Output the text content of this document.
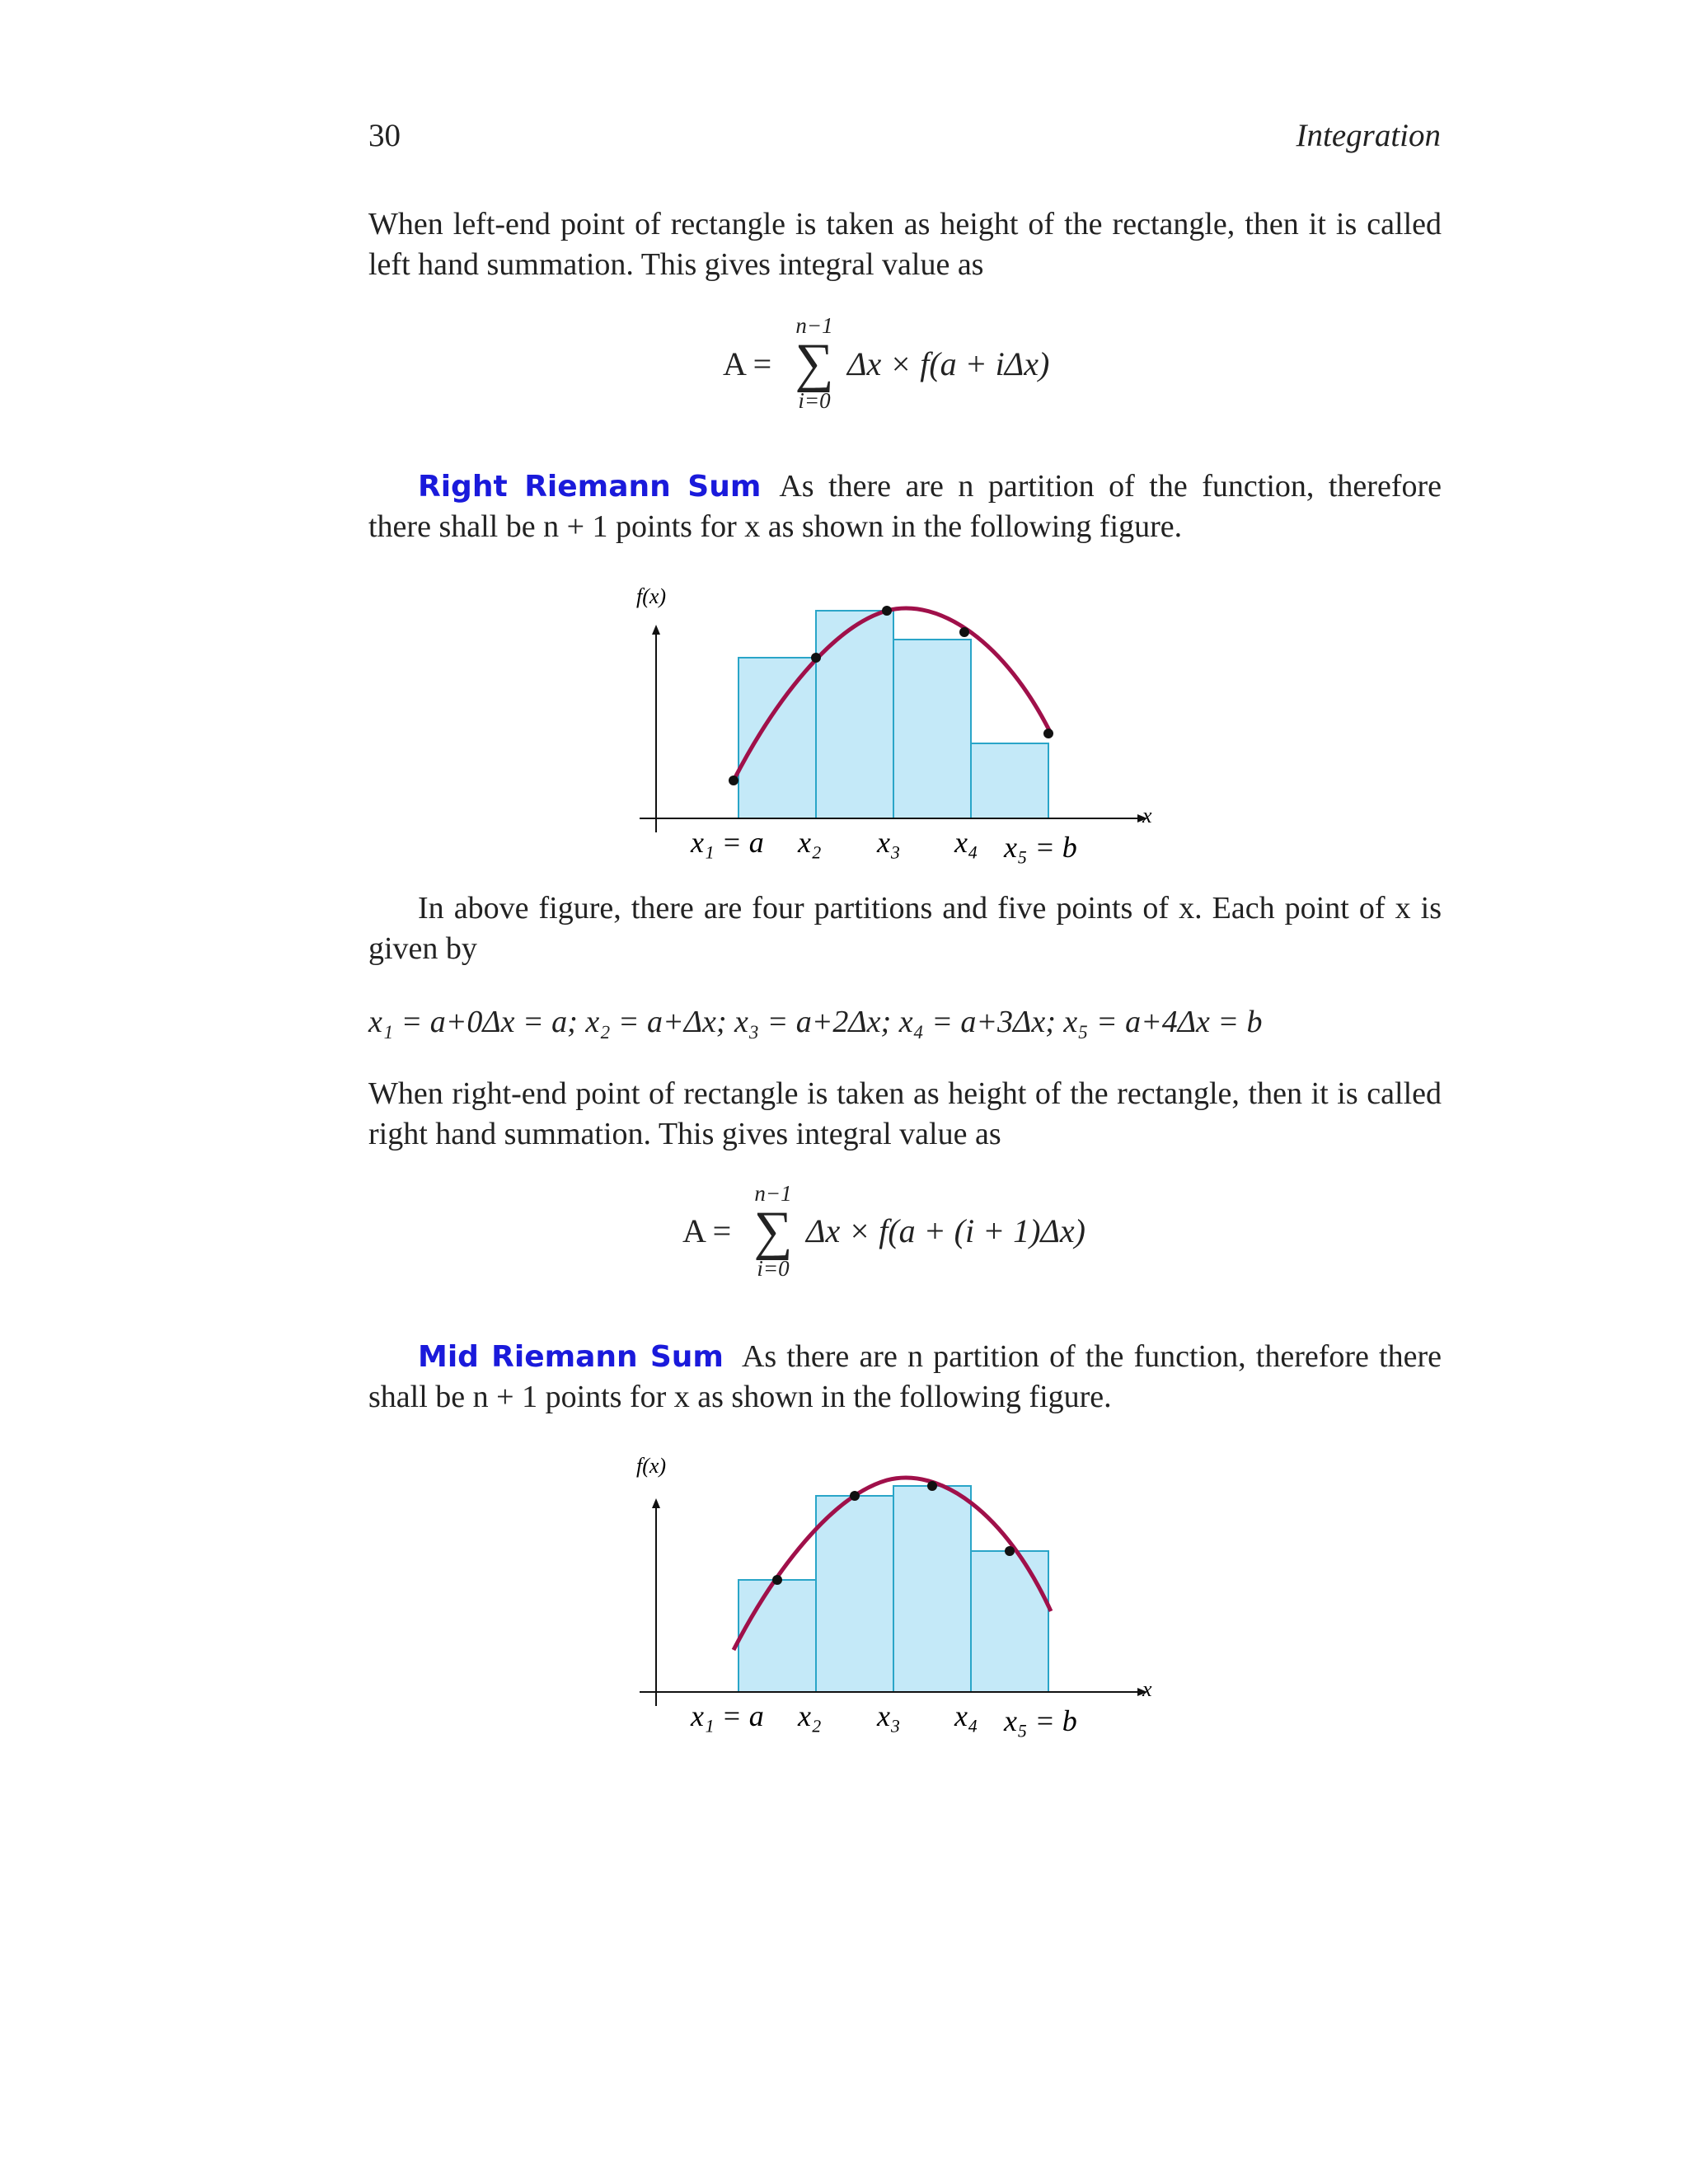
30	Integration
When left-end point of rectangle is taken as height of the rectangle, then it is called left hand summation. This gives integral value as
A =
n−1
∑
i=0
Δx × f(a + iΔx)
Right Riemann Sum As there are n partition of the function, therefore there shall be n + 1 points for x as shown in the following figure.
f(x)
x
x₁ = a x₂ x₃ x₄ x₅ = b
In above figure, there are four partitions and five points of x. Each point of x is given by
x₁ = a+0Δx = a; x₂ = a+Δx; x₃ = a+2Δx; x₄ = a+3Δx; x₅ = a+4Δx = b
When right-end point of rectangle is taken as height of the rectangle, then it is called right hand summation. This gives integral value as
A =
n−1
∑
i=0
Δx × f(a + (i + 1)Δx)
Mid Riemann Sum As there are n partition of the function, therefore there shall be n + 1 points for x as shown in the following figure.
f(x)
x
x₁ = a x₂ x₃ x₄ x₅ = b
